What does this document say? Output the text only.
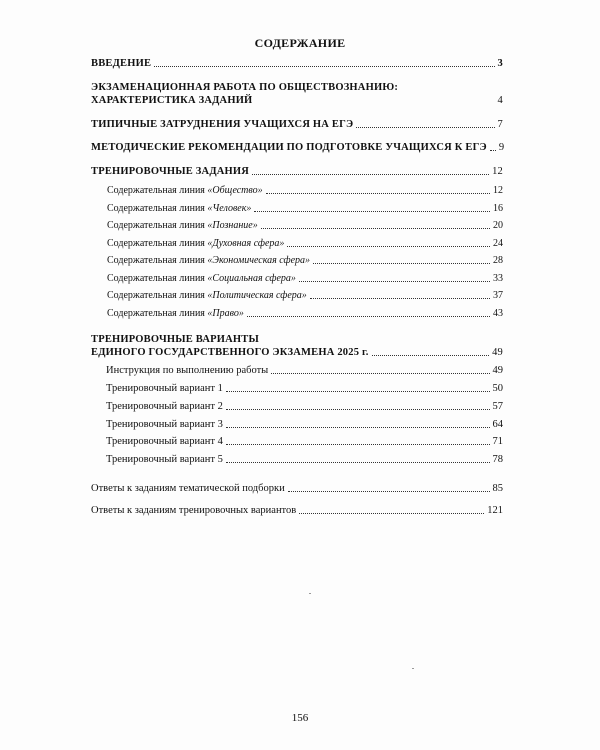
СОДЕРЖАНИЕ
ВВЕДЕНИЕ	3
ЭКЗАМЕНАЦИОННАЯ РАБОТА ПО ОБЩЕСТВОЗНАНИЮ:
ХАРАКТЕРИСТИКА ЗАДАНИЙ	4
ТИПИЧНЫЕ ЗАТРУДНЕНИЯ УЧАЩИХСЯ НА ЕГЭ	7
МЕТОДИЧЕСКИЕ РЕКОМЕНДАЦИИ ПО ПОДГОТОВКЕ УЧАЩИХСЯ К ЕГЭ 9
ТРЕНИРОВОЧНЫЕ ЗАДАНИЯ	12
Содержательная линия «Общество»	12
Содержательная линия «Человек»	16
Содержательная линия «Познание»	20
Содержательная линия «Духовная сфера»	24
Содержательная линия «Экономическая сфера»	28
Содержательная линия «Социальная сфера»	33
Содержательная линия «Политическая сфера»	37
Содержательная линия «Право»	43
ТРЕНИРОВОЧНЫЕ ВАРИАНТЫ
ЕДИНОГО ГОСУДАРСТВЕННОГО ЭКЗАМЕНА 2025 г.	49
Инструкция по выполнению работы	49
Тренировочный вариант 1	50
Тренировочный вариант 2	57
Тренировочный вариант 3	64
Тренировочный вариант 4	71
Тренировочный вариант 5	78
Ответы к заданиям тематической подборки	85
Ответы к заданиям тренировочных вариантов	121
156
